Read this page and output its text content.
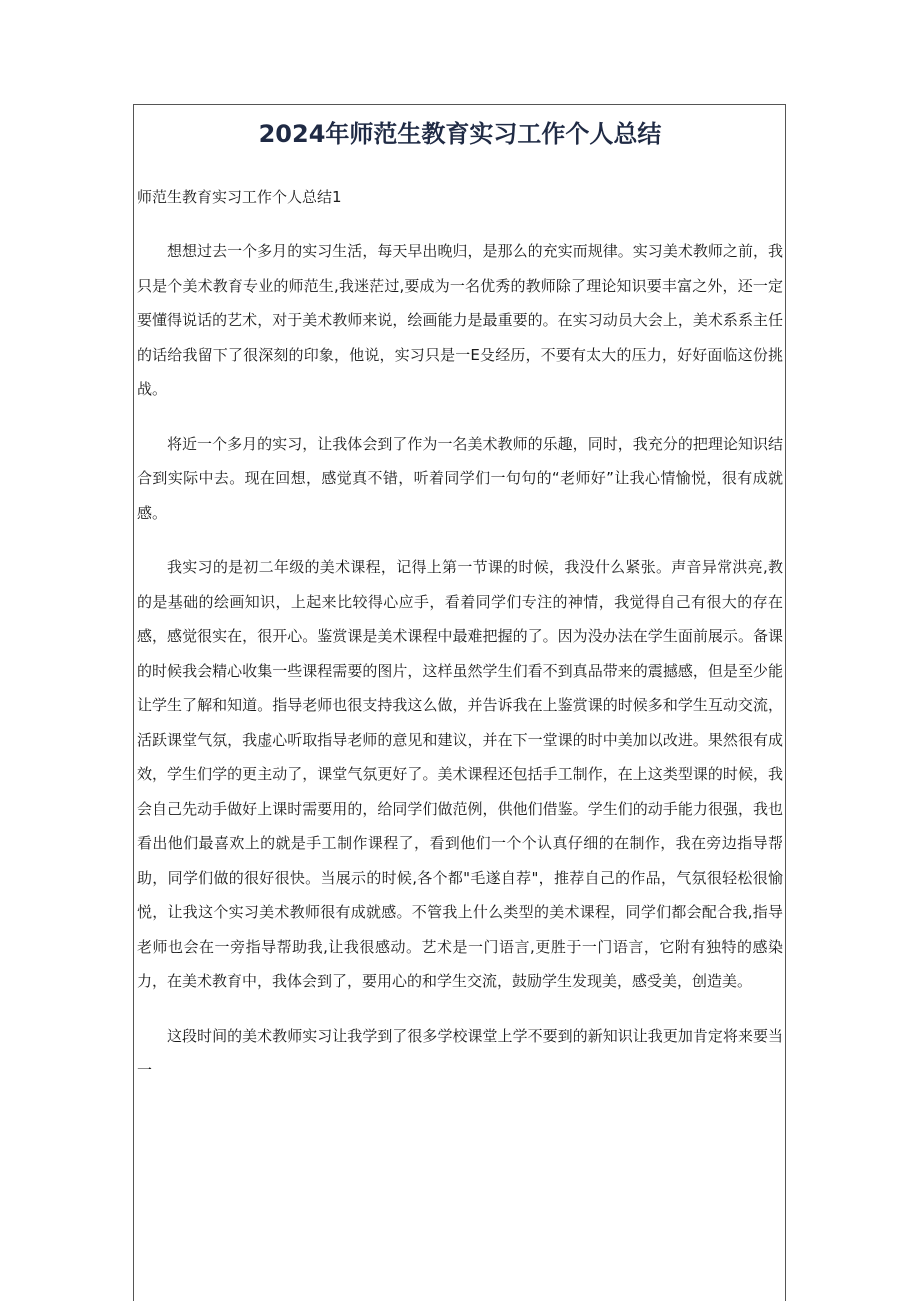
2024年师范生教育实习工作个人总结

师范生教育实习工作个人总结1

想想过去一个多月的实习生活，每天早出晚归，是那么的充实而规律。实习美术教师之前，我只是个美术教育专业的师范生,我迷茫过,要成为一名优秀的教师除了理论知识要丰富之外，还一定要懂得说话的艺术，对于美术教师来说，绘画能力是最重要的。在实习动员大会上，美术系系主任的话给我留下了很深刻的印象，他说，实习只是一E殳经历，不要有太大的压力，好好面临这份挑战。

将近一个多月的实习，让我体会到了作为一名美术教师的乐趣，同时，我充分的把理论知识结合到实际中去。现在回想，感觉真不错，听着同学们一句句的“老师好”让我心情愉悦，很有成就感。

我实习的是初二年级的美术课程，记得上第一节课的时候，我没什么紧张。声音异常洪亮,教的是基础的绘画知识，上起来比较得心应手，看着同学们专注的神情，我觉得自己有很大的存在感，感觉很实在，很开心。鉴赏课是美术课程中最难把握的了。因为没办法在学生面前展示。备课的时候我会精心收集一些课程需要的图片，这样虽然学生们看不到真品带来的震撼感，但是至少能让学生了解和知道。指导老师也很支持我这么做，并告诉我在上鉴赏课的时候多和学生互动交流，活跃课堂气氛，我虚心听取指导老师的意见和建议，并在下一堂课的时中美加以改进。果然很有成效，学生们学的更主动了，课堂气氛更好了。美术课程还包括手工制作，在上这类型课的时候，我会自己先动手做好上课时需要用的，给同学们做范例，供他们借鉴。学生们的动手能力很强，我也看出他们最喜欢上的就是手工制作课程了，看到他们一个个认真仔细的在制作，我在旁边指导帮助，同学们做的很好很快。当展示的时候,各个都"毛遂自荐"，推荐自己的作品，气氛很轻松很愉悦，让我这个实习美术教师很有成就感。不管我上什么类型的美术课程，同学们都会配合我,指导老师也会在一旁指导帮助我,让我很感动。艺术是一门语言,更胜于一门语言，它附有独特的感染力，在美术教育中，我体会到了，要用心的和学生交流，鼓励学生发现美，感受美，创造美。

这段时间的美术教师实习让我学到了很多学校课堂上学不要到的新知识让我更加肯定将来要当一
